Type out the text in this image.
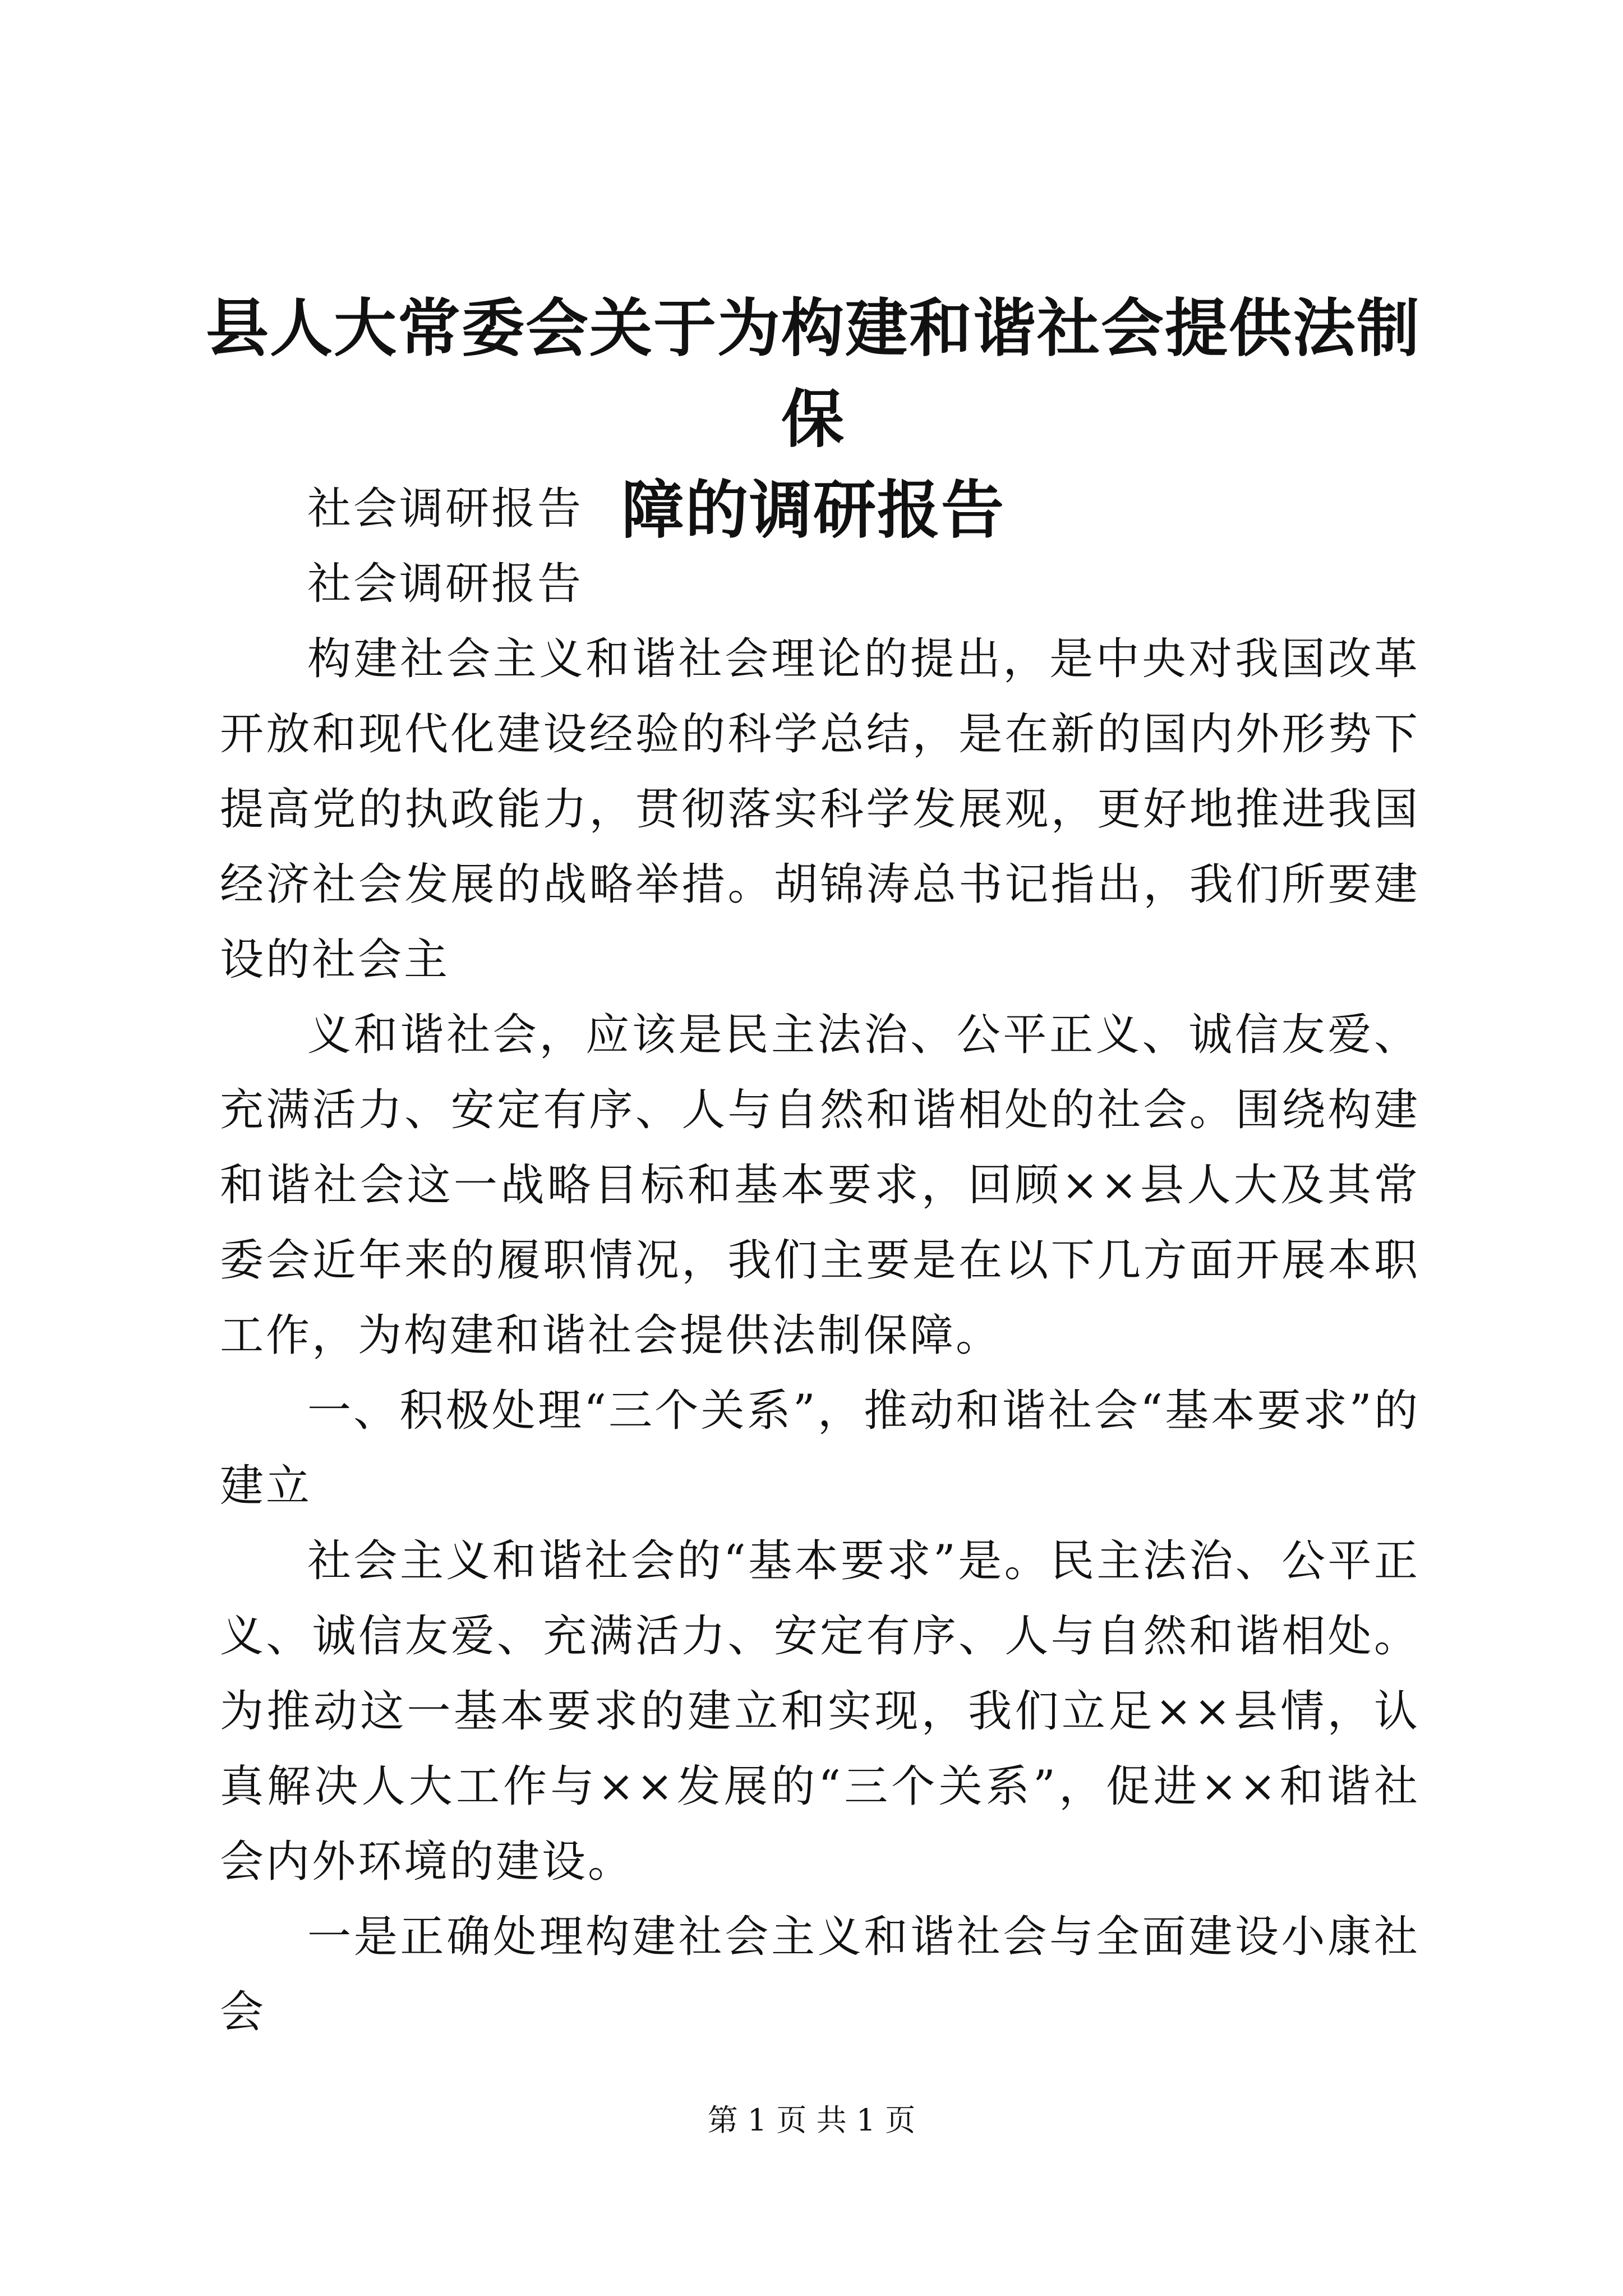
县人大常委会关于为构建和谐社会提供法制保
障的调研报告

社会调研报告

社会调研报告

构建社会主义和谐社会理论的提出，是中央对我国改革开放和现代化建设经验的科学总结，是在新的国内外形势下提高党的执政能力，贯彻落实科学发展观，更好地推进我国经济社会发展的战略举措。胡锦涛总书记指出，我们所要建设的社会主

义和谐社会，应该是民主法治、公平正义、诚信友爱、充满活力、安定有序、人与自然和谐相处的社会。围绕构建和谐社会这一战略目标和基本要求，回顾××县人大及其常委会近年来的履职情况，我们主要是在以下几方面开展本职工作，为构建和谐社会提供法制保障。

一、积极处理“三个关系”，推动和谐社会“基本要求”的建立

社会主义和谐社会的“基本要求”是。民主法治、公平正义、诚信友爱、充满活力、安定有序、人与自然和谐相处。为推动这一基本要求的建立和实现，我们立足××县情，认真解决人大工作与××发展的“三个关系”，促进××和谐社会内外环境的建设。

一是正确处理构建社会主义和谐社会与全面建设小康社会

第 1 页 共 1 页
